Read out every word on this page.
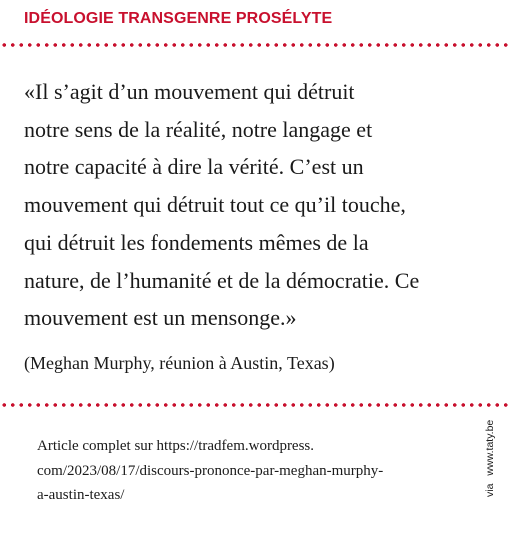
IDÉOLOGIE TRANSGENRE PROSÉLYTE
«Il s’agit d’un mouvement qui détruit
notre sens de la réalité, notre langage et
notre capacité à dire la vérité. C’est un
mouvement qui détruit tout ce qu’il touche,
qui détruit les fondements mêmes de la
nature, de l’humanité et de la démocratie. Ce
mouvement est un mensonge.»
(Meghan Murphy, réunion à Austin, Texas)
Article complet sur https://tradfem.wordpress.
com/2023/08/17/discours-prononce-par-meghan-murphy-
a-austin-texas/	viawww.taty.be
